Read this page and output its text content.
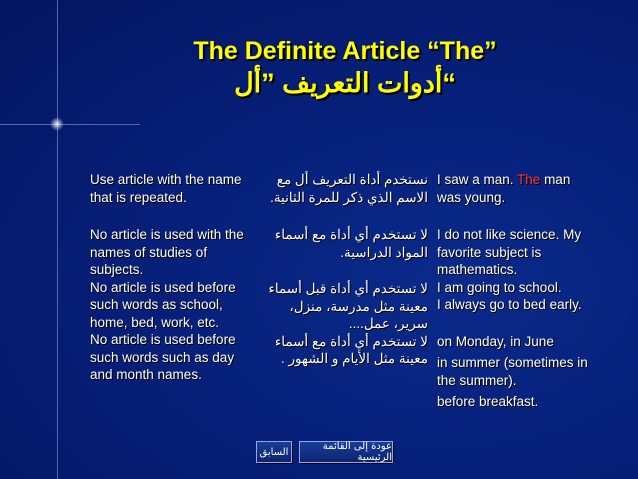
The Definite Article “The”
“أدوات التعريف ”أل

Use article with the name that is repeated.

No article is used with the names of studies of subjects.

No article is used before such words as school, home, bed, work, etc.

No article is used before such words such as day and month names.

نستخدم أداة التعريف أل مع الاسم الذي ذكر للمرة الثانية.

لا تستخدم أي أداة مع أسماء المواد الدراسية.

لا تستخدم أي أداة قبل أسماء معينة مثل مدرسة، منزل، سرير، عمل....

لا تستخدم أي أداة مع أسماء معينة مثل الأيام و الشهور .

I saw a man. The man was young.

I do not like science. My favorite subject is mathematics.

I am going to school.

I always go to bed early.

on Monday, in June

in summer (sometimes in the summer).

before breakfast.

السابق	عودة إلى القائمة الرئيسية
